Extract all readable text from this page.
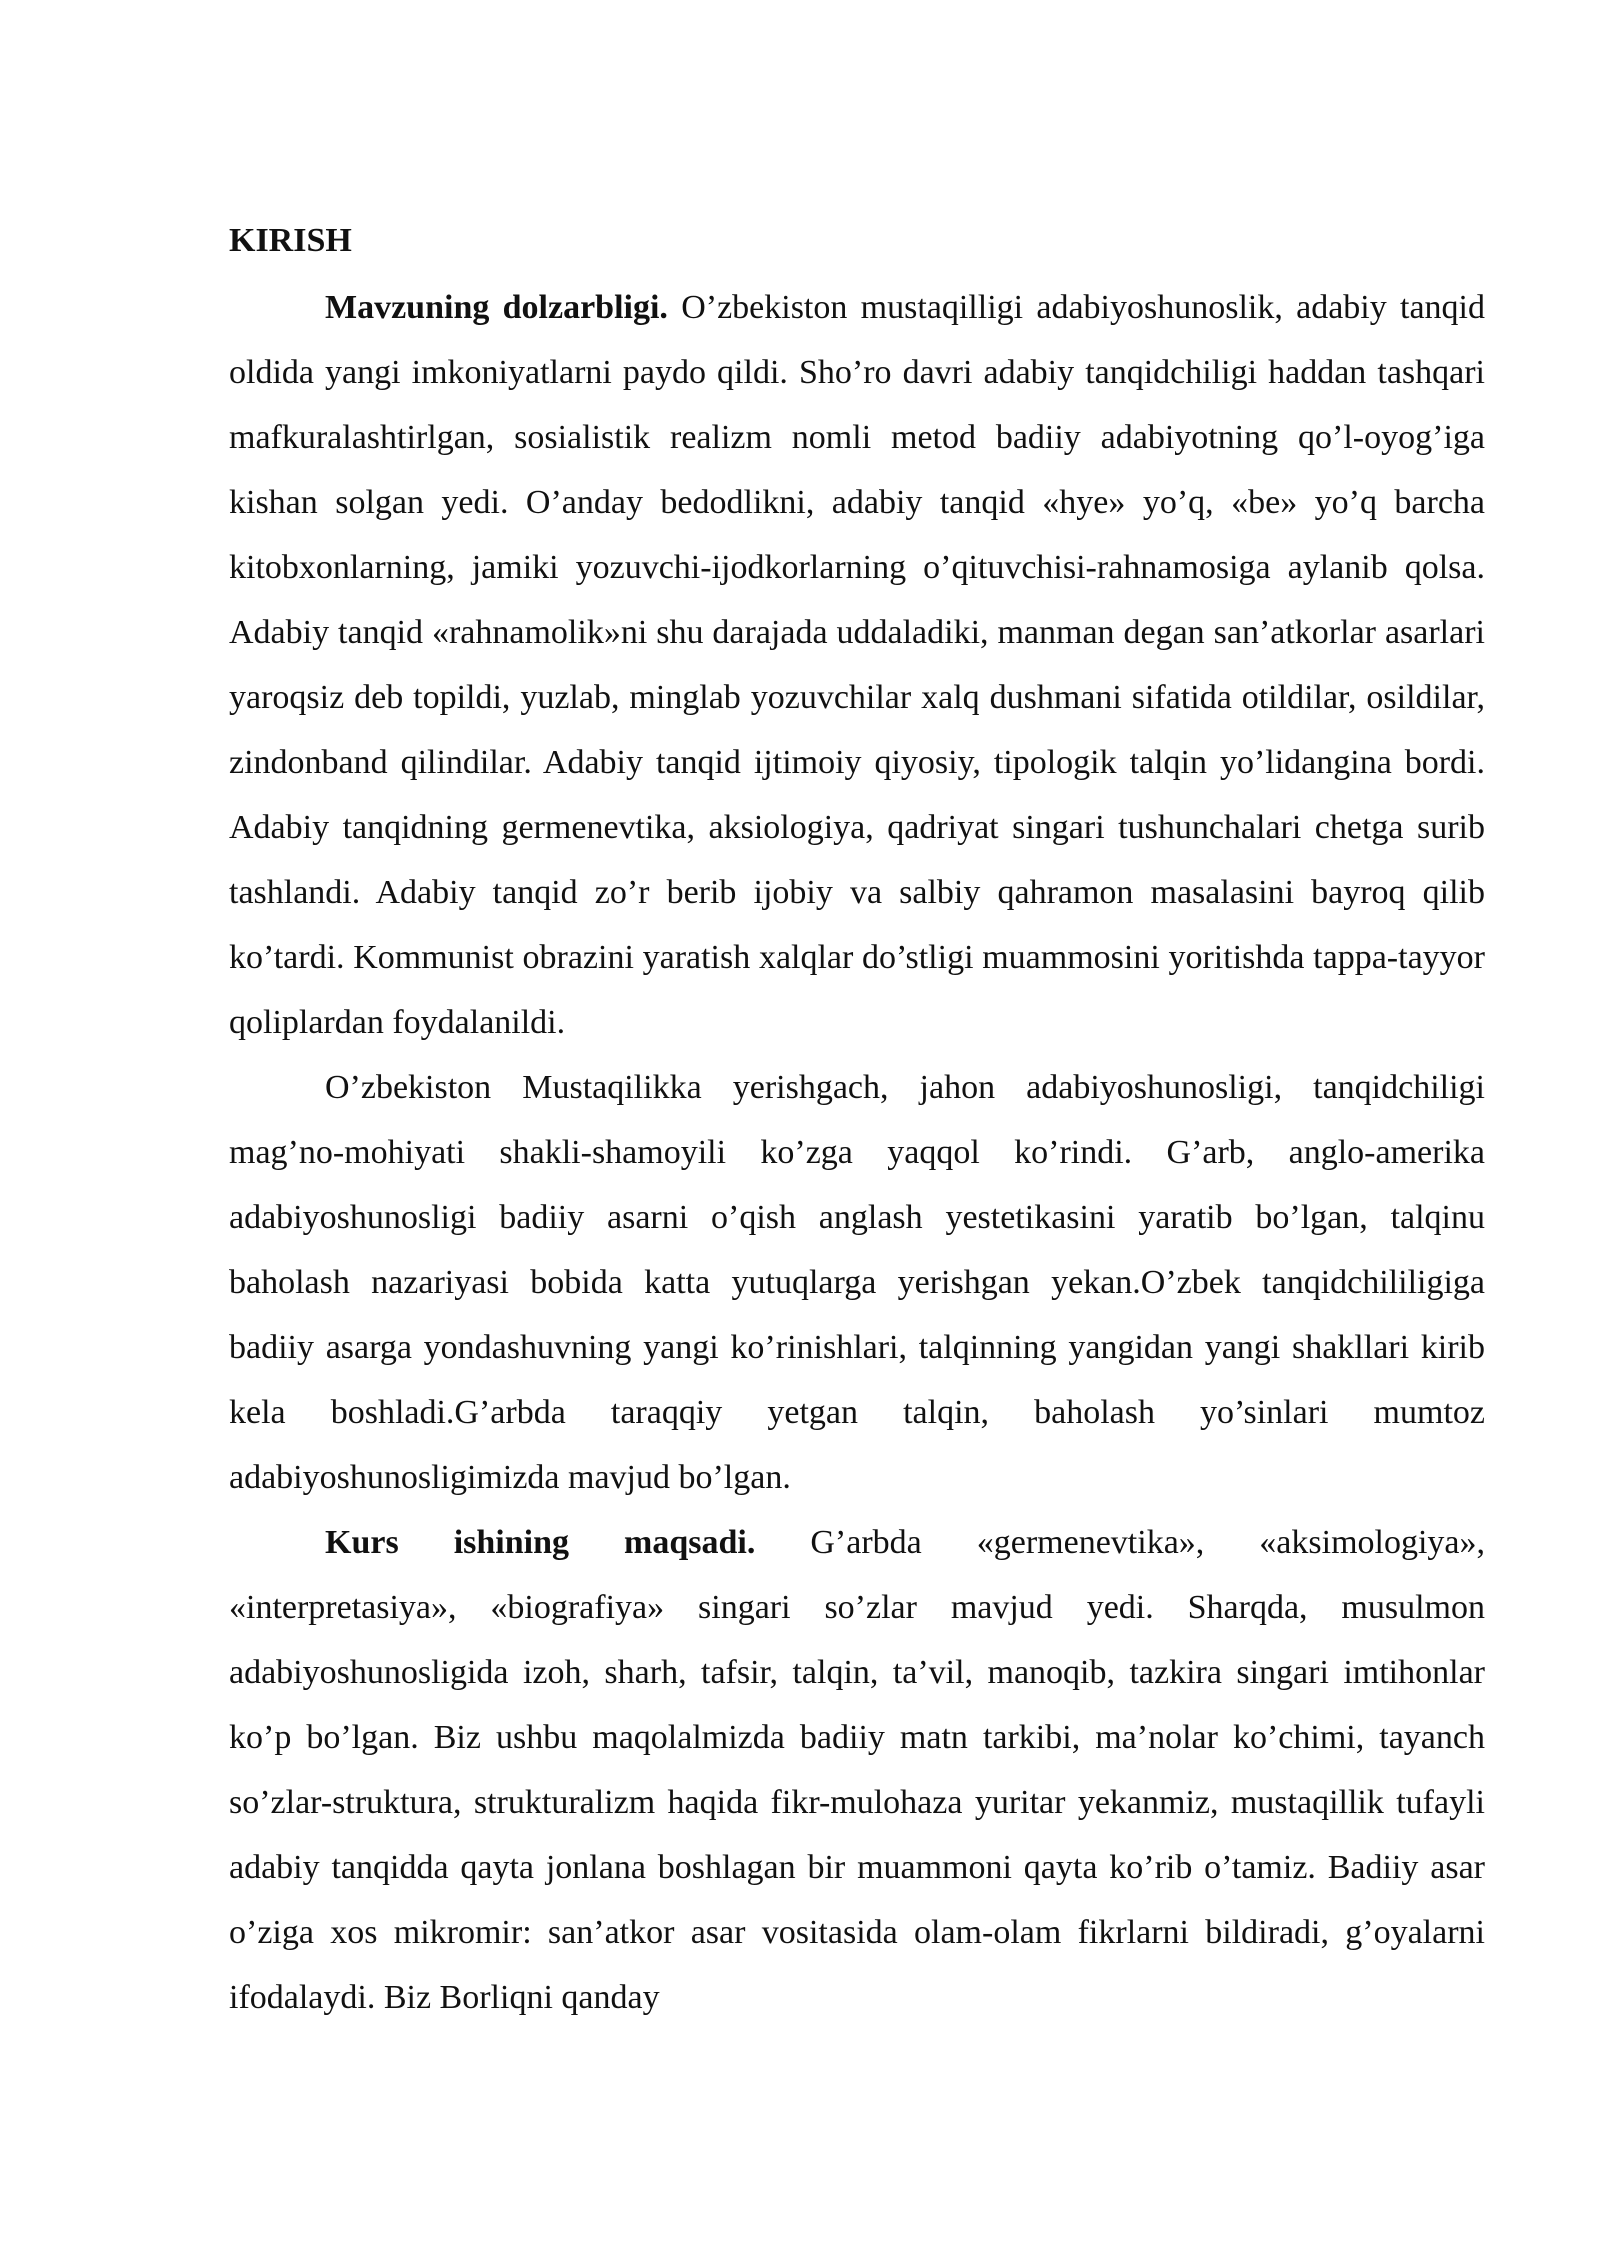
KIRISH

Mavzuning dolzarbligi. O’zbekiston mustaqilligi adabiyoshunoslik, adabiy tanqid oldida yangi imkoniyatlarni paydo qildi. Sho’ro davri adabiy tanqidchiligi haddan tashqari mafkuralashtirlgan, sosialistik realizm nomli metod badiiy adabiyotning qo’l-oyog’iga kishan solgan yedi. O’anday bedodlikni, adabiy tanqid «hye» yo’q, «be» yo’q barcha kitobxonlarning, jamiki yozuvchi-ijodkorlarning o’qituvchisi-rahnamosiga aylanib qolsa. Adabiy tanqid «rahnamolik»ni shu darajada uddaladiki, manman degan san’atkorlar asarlari yaroqsiz deb topildi, yuzlab, minglab yozuvchilar xalq dushmani sifatida otildilar, osildilar, zindonband qilindilar. Adabiy tanqid ijtimoiy qiyosiy, tipologik talqin yo’lidangina bordi. Adabiy tanqidning germenevtika, aksiologiya, qadriyat singari tushunchalari chetga surib tashlandi. Adabiy tanqid zo’r berib ijobiy va salbiy qahramon masalasini bayroq qilib ko’tardi. Kommunist obrazini yaratish xalqlar do’stligi muammosini yoritishda tappa-tayyor qoliplardan foydalanildi.

O’zbekiston Mustaqilikka yerishgach, jahon adabiyoshunosligi, tanqidchiligi mag’no-mohiyati shakli-shamoyili ko’zga yaqqol ko’rindi. G’arb, anglo-amerika adabiyoshunosligi badiiy asarni o’qish anglash yestetikasini yaratib bo’lgan, talqinu baholash nazariyasi bobida katta yutuqlarga yerishgan yekan.O’zbek tanqidchililigiga badiiy asarga yondashuvning yangi ko’rinishlari, talqinning yangidan yangi shakllari kirib kela boshladi.G’arbda taraqqiy yetgan talqin, baholash yo’sinlari mumtoz adabiyoshunosligimizda mavjud bo’lgan.

Kurs ishining maqsadi. G’arbda «germenevtika», «aksimologiya», «interpretasiya», «biografiya» singari so’zlar mavjud yedi. Sharqda, musulmon adabiyoshunosligida izoh, sharh, tafsir, talqin, ta’vil, manoqib, tazkira singari imtihonlar ko’p bo’lgan. Biz ushbu maqolalmizda badiiy matn tarkibi, ma’nolar ko’chimi, tayanch so’zlar-struktura, strukturalizm haqida fikr-mulohaza yuritar yekanmiz, mustaqillik tufayli adabiy tanqidda qayta jonlana boshlagan bir muammoni qayta ko’rib o’tamiz. Badiiy asar o’ziga xos mikromir: san’atkor asar vositasida olam-olam fikrlarni bildiradi, g’oyalarni ifodalaydi. Biz Borliqni qanday
